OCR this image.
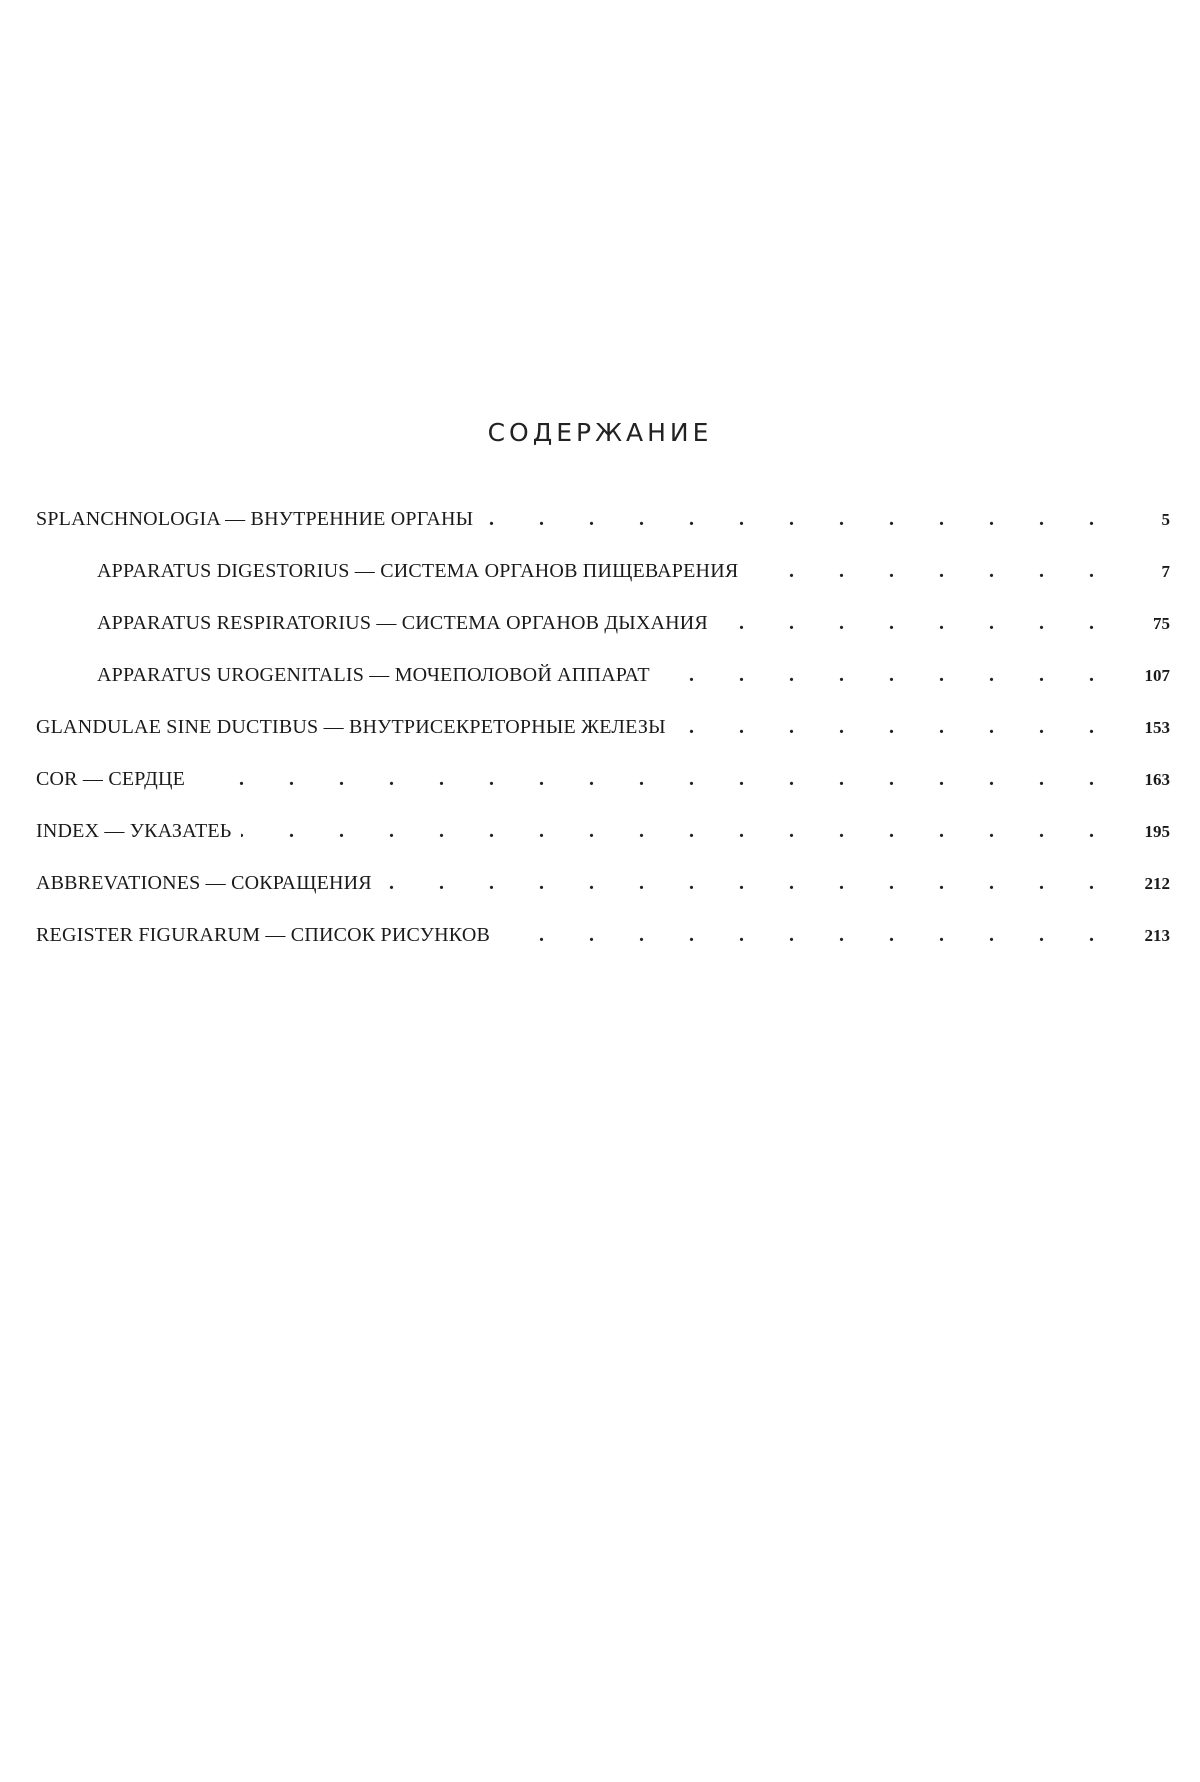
СОДЕРЖАНИЕ
SPLANCHNOLOGIA — ВНУТРЕННИЕ ОРГАНЫ . . .	5
APPARATUS DIGESTORIUS — СИСТЕМА ОРГАНОВ ПИЩЕВАРЕНИЯ . . .	7
APPARATUS RESPIRATORIUS — СИСТЕМА ОРГАНОВ ДЫХАНИЯ . . .	75
APPARATUS UROGENITALIS — МОЧЕПОЛОВОЙ АППАРАТ . . .	107
GLANDULAE SINE DUCTIBUS — ВНУТРИСЕКРЕТОРНЫЕ ЖЕЛЕЗЫ . . .	153
COR — СЕРДЦЕ . . .	163
INDEX — УКАЗАТЕЬ . . .	195
ABBREVATIONES — СОКРАЩЕНИЯ . . .	212
REGISTER FIGURARUM — СПИСОК РИСУНКОВ . . .	213
